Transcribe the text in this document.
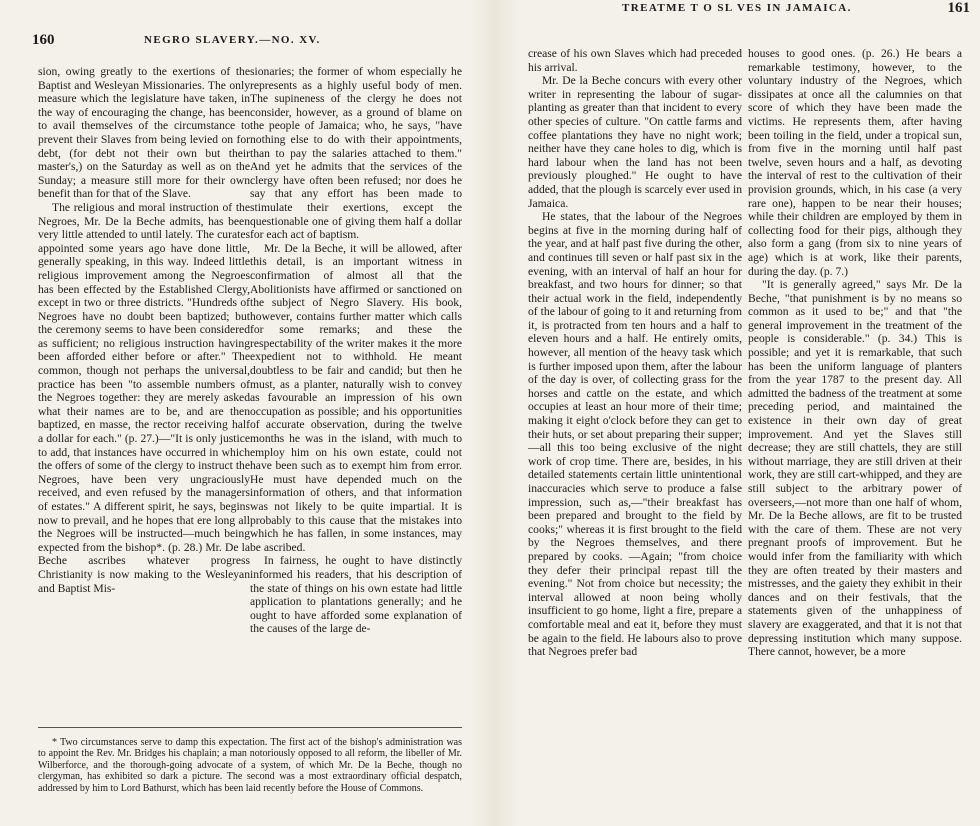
160	NEGRO SLAVERY.—NO. XV.

sion, owing greatly to the exertions of the Baptist and Wesleyan Missionaries. The only measure which the legislature have taken, in the way of encouraging the change, has been to avail themselves of the circumstance to prevent their Slaves from being levied on for debt, (for debt not their own but their master's,) on the Saturday as well as on the Sunday; a measure still more for their own benefit than for that of the Slave.

The religious and moral instruction of the Negroes, Mr. De la Beche admits, has been very little attended to until lately. The curates appointed some years ago have done little, generally speaking, in this way. Indeed little religious improvement among the Negroes has been effected by the Established Clergy, except in two or three districts. "Hundreds of Negroes have no doubt been baptized; but the ceremony seems to have been considered as sufficient; no religious instruction having been afforded either before or after." The common, though not perhaps the universal, practice has been "to assemble numbers of the Negroes together: they are merely asked what their names are to be, and are then baptized, en masse, the rector receiving half a dollar for each." (p. 27.)—"It is only justice to add, that instances have occurred in which the offers of some of the clergy to instruct the Negroes, have been very ungraciously received, and even refused by the managers of estates." A different spirit, he says, begins now to prevail, and he hopes that ere long all the Negroes will be instructed—much being expected from the bishop*. (p. 28.) Mr. De la Beche ascribes whatever progress Christianity is now making to the Wesleyan and Baptist Mis-

sionaries; the former of whom especially he represents as a highly useful body of men. The supineness of the clergy he does not consider, however, as a ground of blame on the people of Jamaica; who, he says, "have nothing else to do with their appointments, than to pay the salaries attached to them." And yet he admits that the services of the clergy have often been refused; nor does he say that any effort has been made to stimulate their exertions, except the questionable one of giving them half a dollar for each act of baptism.

Mr. De la Beche, it will be allowed, after this detail, is an important witness in confirmation of almost all that the Abolitionists have affirmed or sanctioned on the subject of Negro Slavery. His book, however, contains further matter which calls for some remarks; and these the respectability of the writer makes it the more expedient not to withhold. He meant doubtless to be fair and candid; but then he must, as a planter, naturally wish to convey as favourable an impression of his own occupation as possible; and his opportunities of accurate observation, during the twelve months he was in the island, with much to employ him on his own estate, could not have been such as to exempt him from error. He must have depended much on the information of others, and that information was not likely to be quite impartial. It is probably to this cause that the mistakes into which he has fallen, in some instances, may be ascribed.

In fairness, he ought to have distinctly informed his readers, that his description of the state of things on his own estate had little application to plantations generally; and he ought to have afforded some explanation of the causes of the large de-

* Two circumstances serve to damp this expectation. The first act of the bishop's administration was to appoint the Rev. Mr. Bridges his chaplain; a man notoriously opposed to all reform, the libeller of Mr. Wilberforce, and the thorough-going advocate of a system, of which Mr. De la Beche, though no clergyman, has exhibited so dark a picture. The second was a most extraordinary official despatch, addressed by him to Lord Bathurst, which has been laid recently before the House of Commons.

TREATME T O SL VES IN JAMAICA.	161

crease of his own Slaves which had preceded his arrival.

Mr. De la Beche concurs with every other writer in representing the labour of sugar-planting as greater than that incident to every other species of culture. "On cattle farms and coffee plantations they have no night work; neither have they cane holes to dig, which is hard labour when the land has not been previously ploughed." He ought to have added, that the plough is scarcely ever used in Jamaica.

He states, that the labour of the Negroes begins at five in the morning during half of the year, and at half past five during the other, and continues till seven or half past six in the evening, with an interval of half an hour for breakfast, and two hours for dinner; so that their actual work in the field, independently of the labour of going to it and returning from it, is protracted from ten hours and a half to eleven hours and a half. He entirely omits, however, all mention of the heavy task which is further imposed upon them, after the labour of the day is over, of collecting grass for the horses and cattle on the estate, and which occupies at least an hour more of their time; making it eight o'clock before they can get to their huts, or set about preparing their supper;—all this too being exclusive of the night work of crop time. There are, besides, in his detailed statements certain little unintentional inaccuracies which serve to produce a false impression, such as,—"their breakfast has been prepared and brought to the field by cooks;" whereas it is first brought to the field by the Negroes themselves, and there prepared by cooks. —Again; "from choice they defer their principal repast till the evening." Not from choice but necessity; the interval allowed at noon being wholly insufficient to go home, light a fire, prepare a comfortable meal and eat it, before they must be again to the field. He labours also to prove that Negroes prefer bad

houses to good ones. (p. 26.) He bears a remarkable testimony, however, to the voluntary industry of the Negroes, which dissipates at once all the calumnies on that score of which they have been made the victims. He represents them, after having been toiling in the field, under a tropical sun, from five in the morning until half past twelve, seven hours and a half, as devoting the interval of rest to the cultivation of their provision grounds, which, in his case (a very rare one), happen to be near their houses; while their children are employed by them in collecting food for their pigs, although they also form a gang (from six to nine years of age) which is at work, like their parents, during the day. (p. 7.)

"It is generally agreed," says Mr. De la Beche, "that punishment is by no means so common as it used to be;" and that "the general improvement in the treatment of the people is considerable." (p. 34.) This is possible; and yet it is remarkable, that such has been the uniform language of planters from the year 1787 to the present day. All admitted the badness of the treatment at some preceding period, and maintained the existence in their own day of great improvement. And yet the Slaves still decrease; they are still chattels, they are still without marriage, they are still driven at their work, they are still cart-whipped, and they are still subject to the arbitrary power of overseers,—not more than one half of whom, Mr. De la Beche allows, are fit to be trusted with the care of them. These are not very pregnant proofs of improvement. But he would infer from the familiarity with which they are often treated by their masters and mistresses, and the gaiety they exhibit in their dances and on their festivals, that the statements given of the unhappiness of slavery are exaggerated, and that it is not that depressing institution which many suppose. There cannot, however, be a more
